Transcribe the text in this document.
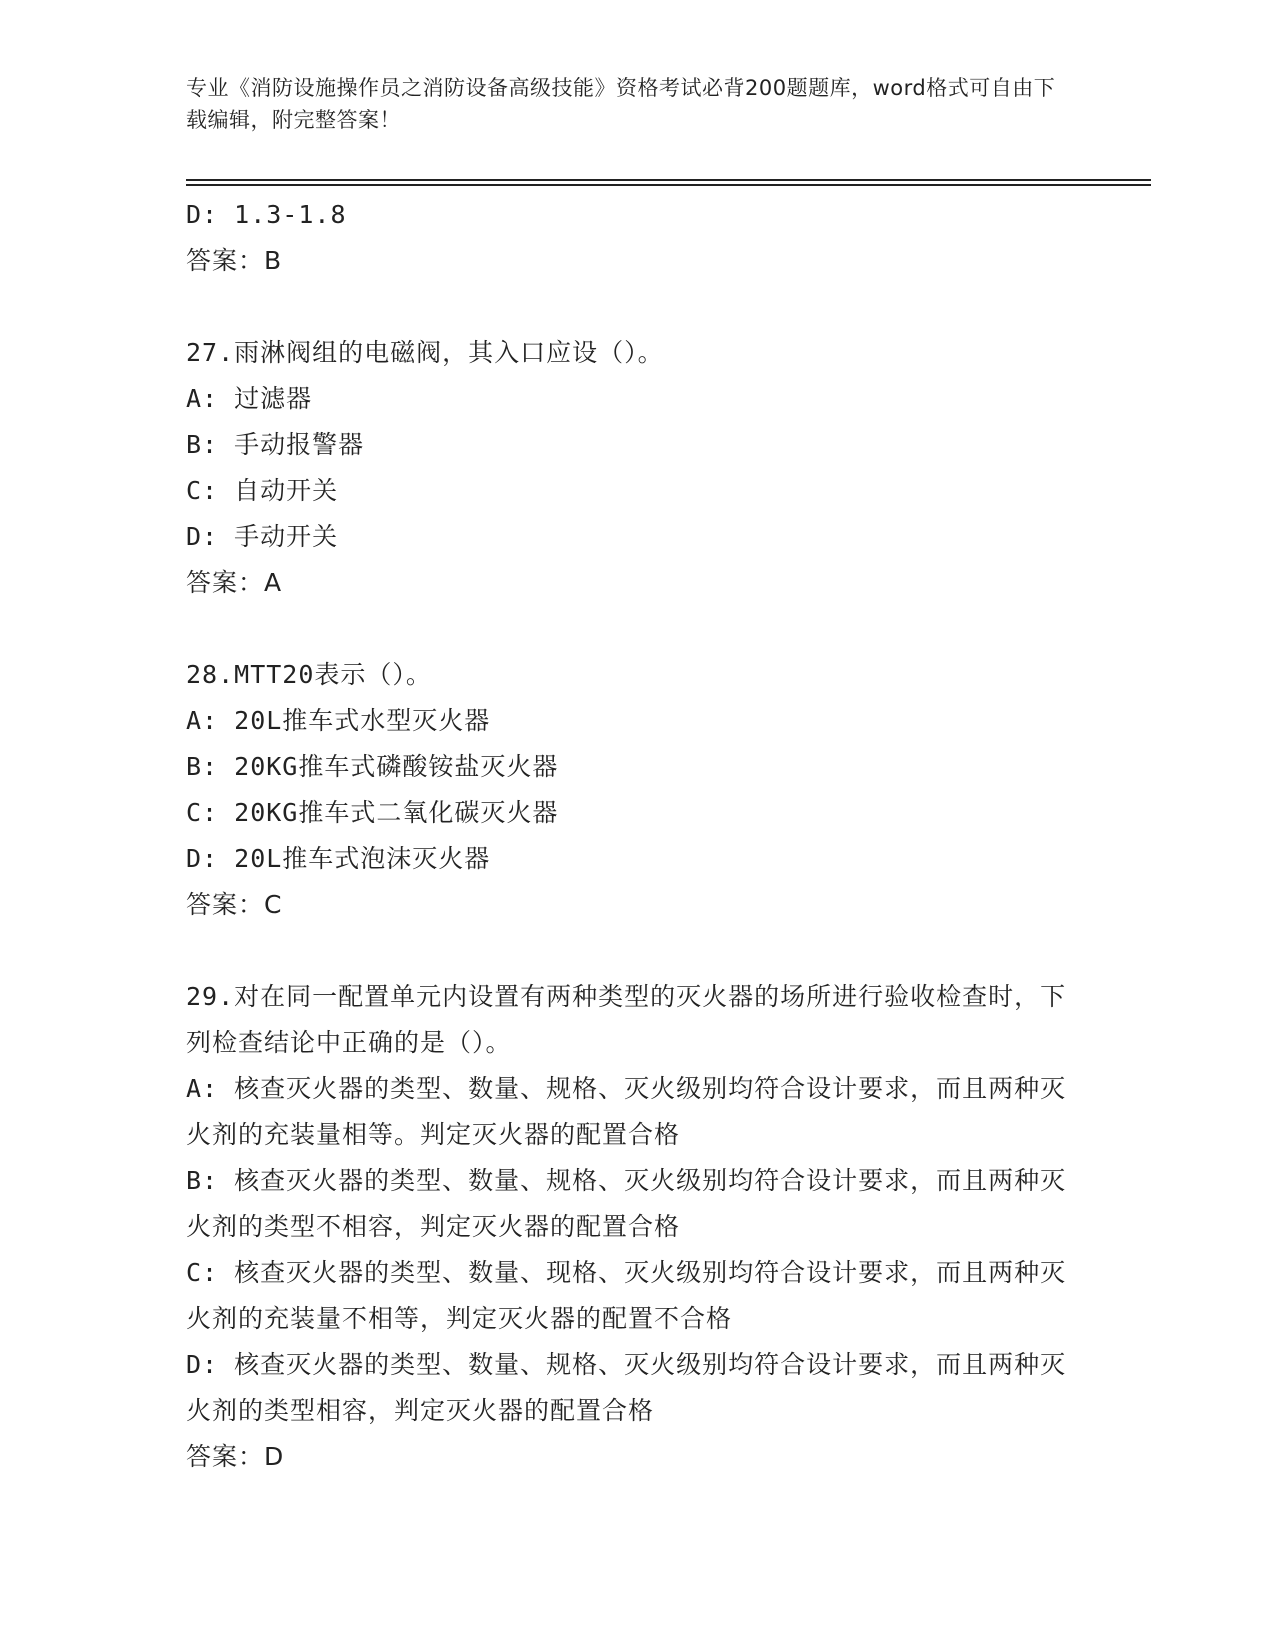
专业《消防设施操作员之消防设备高级技能》资格考试必背200题题库，word格式可自由下载编辑，附完整答案！
D: 1.3-1.8
答案：B
27.雨淋阀组的电磁阀，其入口应设（）。
A: 过滤器
B: 手动报警器
C: 自动开关
D: 手动开关
答案：A
28.MTT20表示（）。
A: 20L推车式水型灭火器
B: 20KG推车式磷酸铵盐灭火器
C: 20KG推车式二氧化碳灭火器
D: 20L推车式泡沫灭火器
答案：C
29.对在同一配置单元内设置有两种类型的灭火器的场所进行验收检查时，下列检查结论中正确的是（）。
A: 核查灭火器的类型、数量、规格、灭火级别均符合设计要求，而且两种灭火剂的充装量相等。判定灭火器的配置合格
B: 核查灭火器的类型、数量、规格、灭火级别均符合设计要求，而且两种灭火剂的类型不相容，判定灭火器的配置合格
C: 核查灭火器的类型、数量、现格、灭火级别均符合设计要求，而且两种灭火剂的充装量不相等，判定灭火器的配置不合格
D: 核查灭火器的类型、数量、规格、灭火级别均符合设计要求，而且两种灭火剂的类型相容，判定灭火器的配置合格
答案：D
